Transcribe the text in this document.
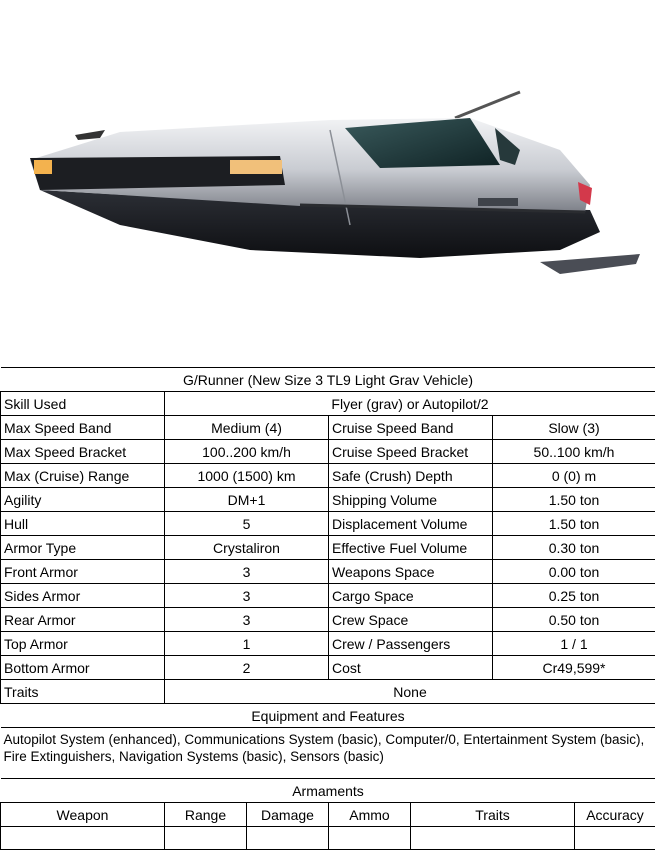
G/Runner (New Size 3 TL9 Light Grav Vehicle)						
Skill Used	Flyer (grav) or Autopilot/2					
Max Speed Band	Medium (4)		Cruise Speed Band		Slow (3)	
Max Speed Bracket	100..200 km/h		Cruise Speed Bracket		50..100 km/h	
Max (Cruise) Range	1000 (1500) km		Safe (Crush) Depth		0 (0) m	
Agility	DM+1		Shipping Volume		1.50 ton	
Hull	5		Displacement Volume		1.50 ton	
Armor Type	Crystaliron		Effective Fuel Volume		0.30 ton	
Front Armor	3		Weapons Space		0.00 ton	
Sides Armor	3		Cargo Space		0.25 ton	
Rear Armor	3		Crew Space		0.50 ton	
Top Armor	1		Crew / Passengers		1 / 1	
Bottom Armor	2		Cost		Cr49,599*	
Traits	None					
Equipment and Features						
Autopilot System (enhanced), Communications System (basic), Computer/0, Entertainment System (basic), Fire Extinguishers, Navigation Systems (basic), Sensors (basic)						
Armaments						
Weapon	Range	Damage	Ammo	Traits		Accuracy
